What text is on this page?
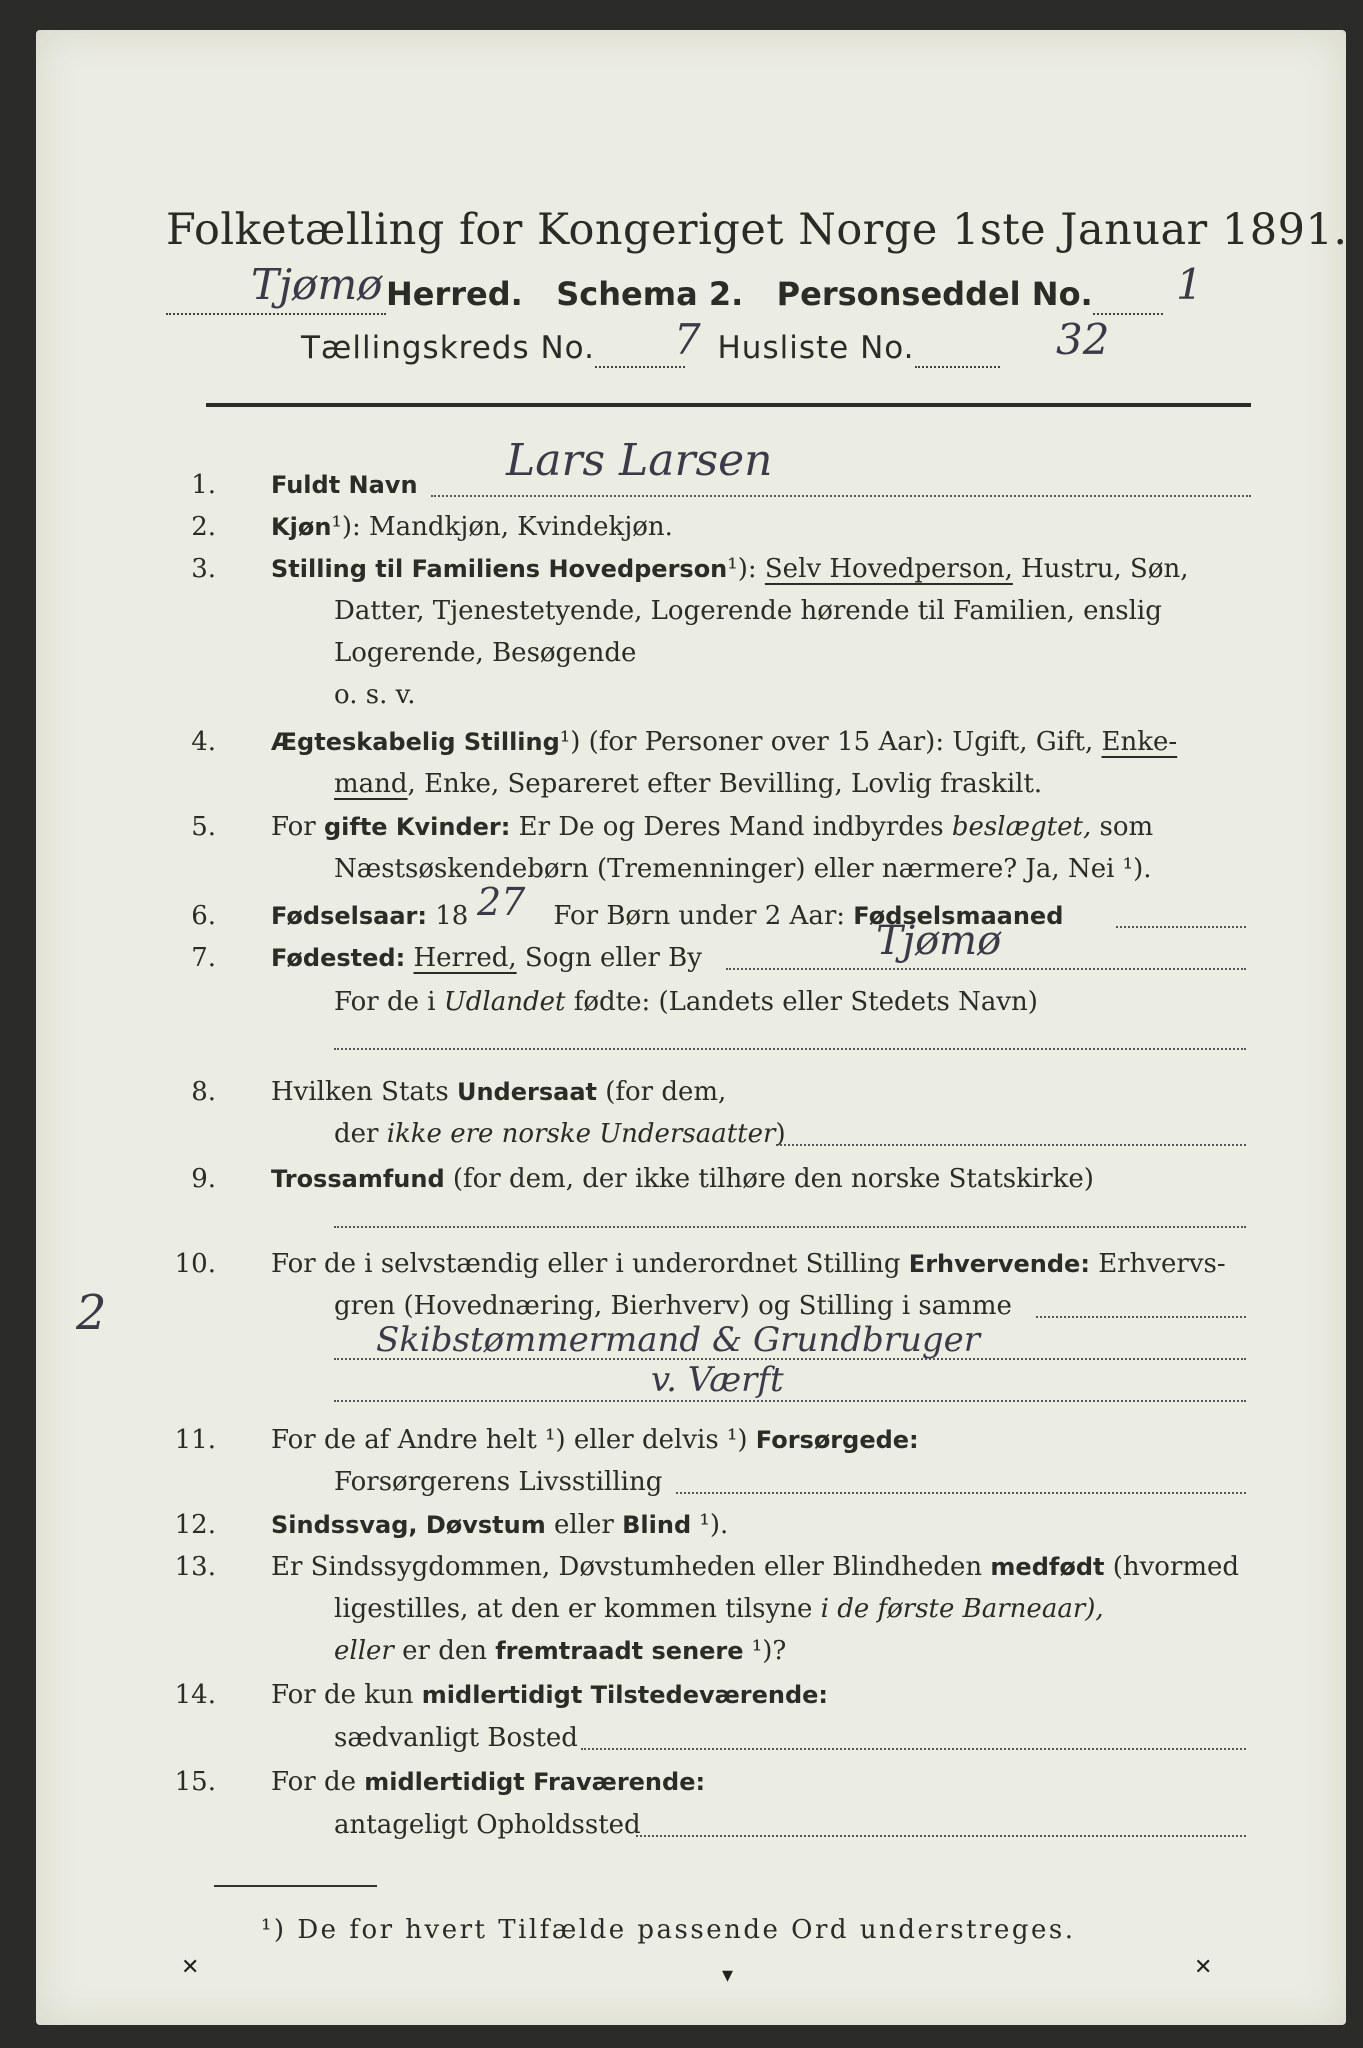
Folketælling for Kongeriget Norge 1ste Januar 1891.
Herred. Schema 2. Personseddel No.
Tjømø	1
Tællingskreds No.	Husliste No.
7	32
1. Fuldt Navn Lars Larsen
2. Kjøn¹): Mandkjøn, Kvindekjøn.
3. Stilling til Familiens Hovedperson¹): Selv Hovedperson, Hustru, Søn,
Datter, Tjenestetyende, Logerende hørende til Familien, enslig
Logerende, Besøgende
o. s. v.
4. Ægteskabelig Stilling¹) (for Personer over 15 Aar): Ugift, Gift, Enke-
mand, Enke, Separeret efter Bevilling, Lovlig fraskilt.
5. For gifte Kvinder: Er De og Deres Mand indbyrdes beslægtet, som
Næstsøskendebørn (Tremenninger) eller nærmere? Ja, Nei ¹).
6. Fødselsaar: 18	For Børn under 2 Aar: Fødselsmaaned
27
7. Fødested: Herred, Sogn eller By	Tjømø
For de i Udlandet fødte: (Landets eller Stedets Navn)
8. Hvilken Stats Undersaat (for dem,
der ikke ere norske Undersaatter)
9. Trossamfund (for dem, der ikke tilhøre den norske Statskirke)
10. For de i selvstændig eller i underordnet Stilling Erhvervende: Erhvervs-
gren (Hovednæring, Bierhverv) og Stilling i samme
Skibstømmermand & Grundbruger
v. Værft
11. For de af Andre helt ¹) eller delvis ¹) Forsørgede:
Forsørgerens Livsstilling
12. Sindssvag, Døvstum eller Blind ¹).
13. Er Sindssygdommen, Døvstumheden eller Blindheden medfødt (hvormed
ligestilles, at den er kommen tilsyne i de første Barneaar),
eller er den fremtraadt senere ¹)?
14. For de kun midlertidigt Tilstedeværende:
sædvanligt Bosted
15. For de midlertidigt Fraværende:
antageligt Opholdssted
¹) De for hvert Tilfælde passende Ord understreges.
2
✕	▾	✕
